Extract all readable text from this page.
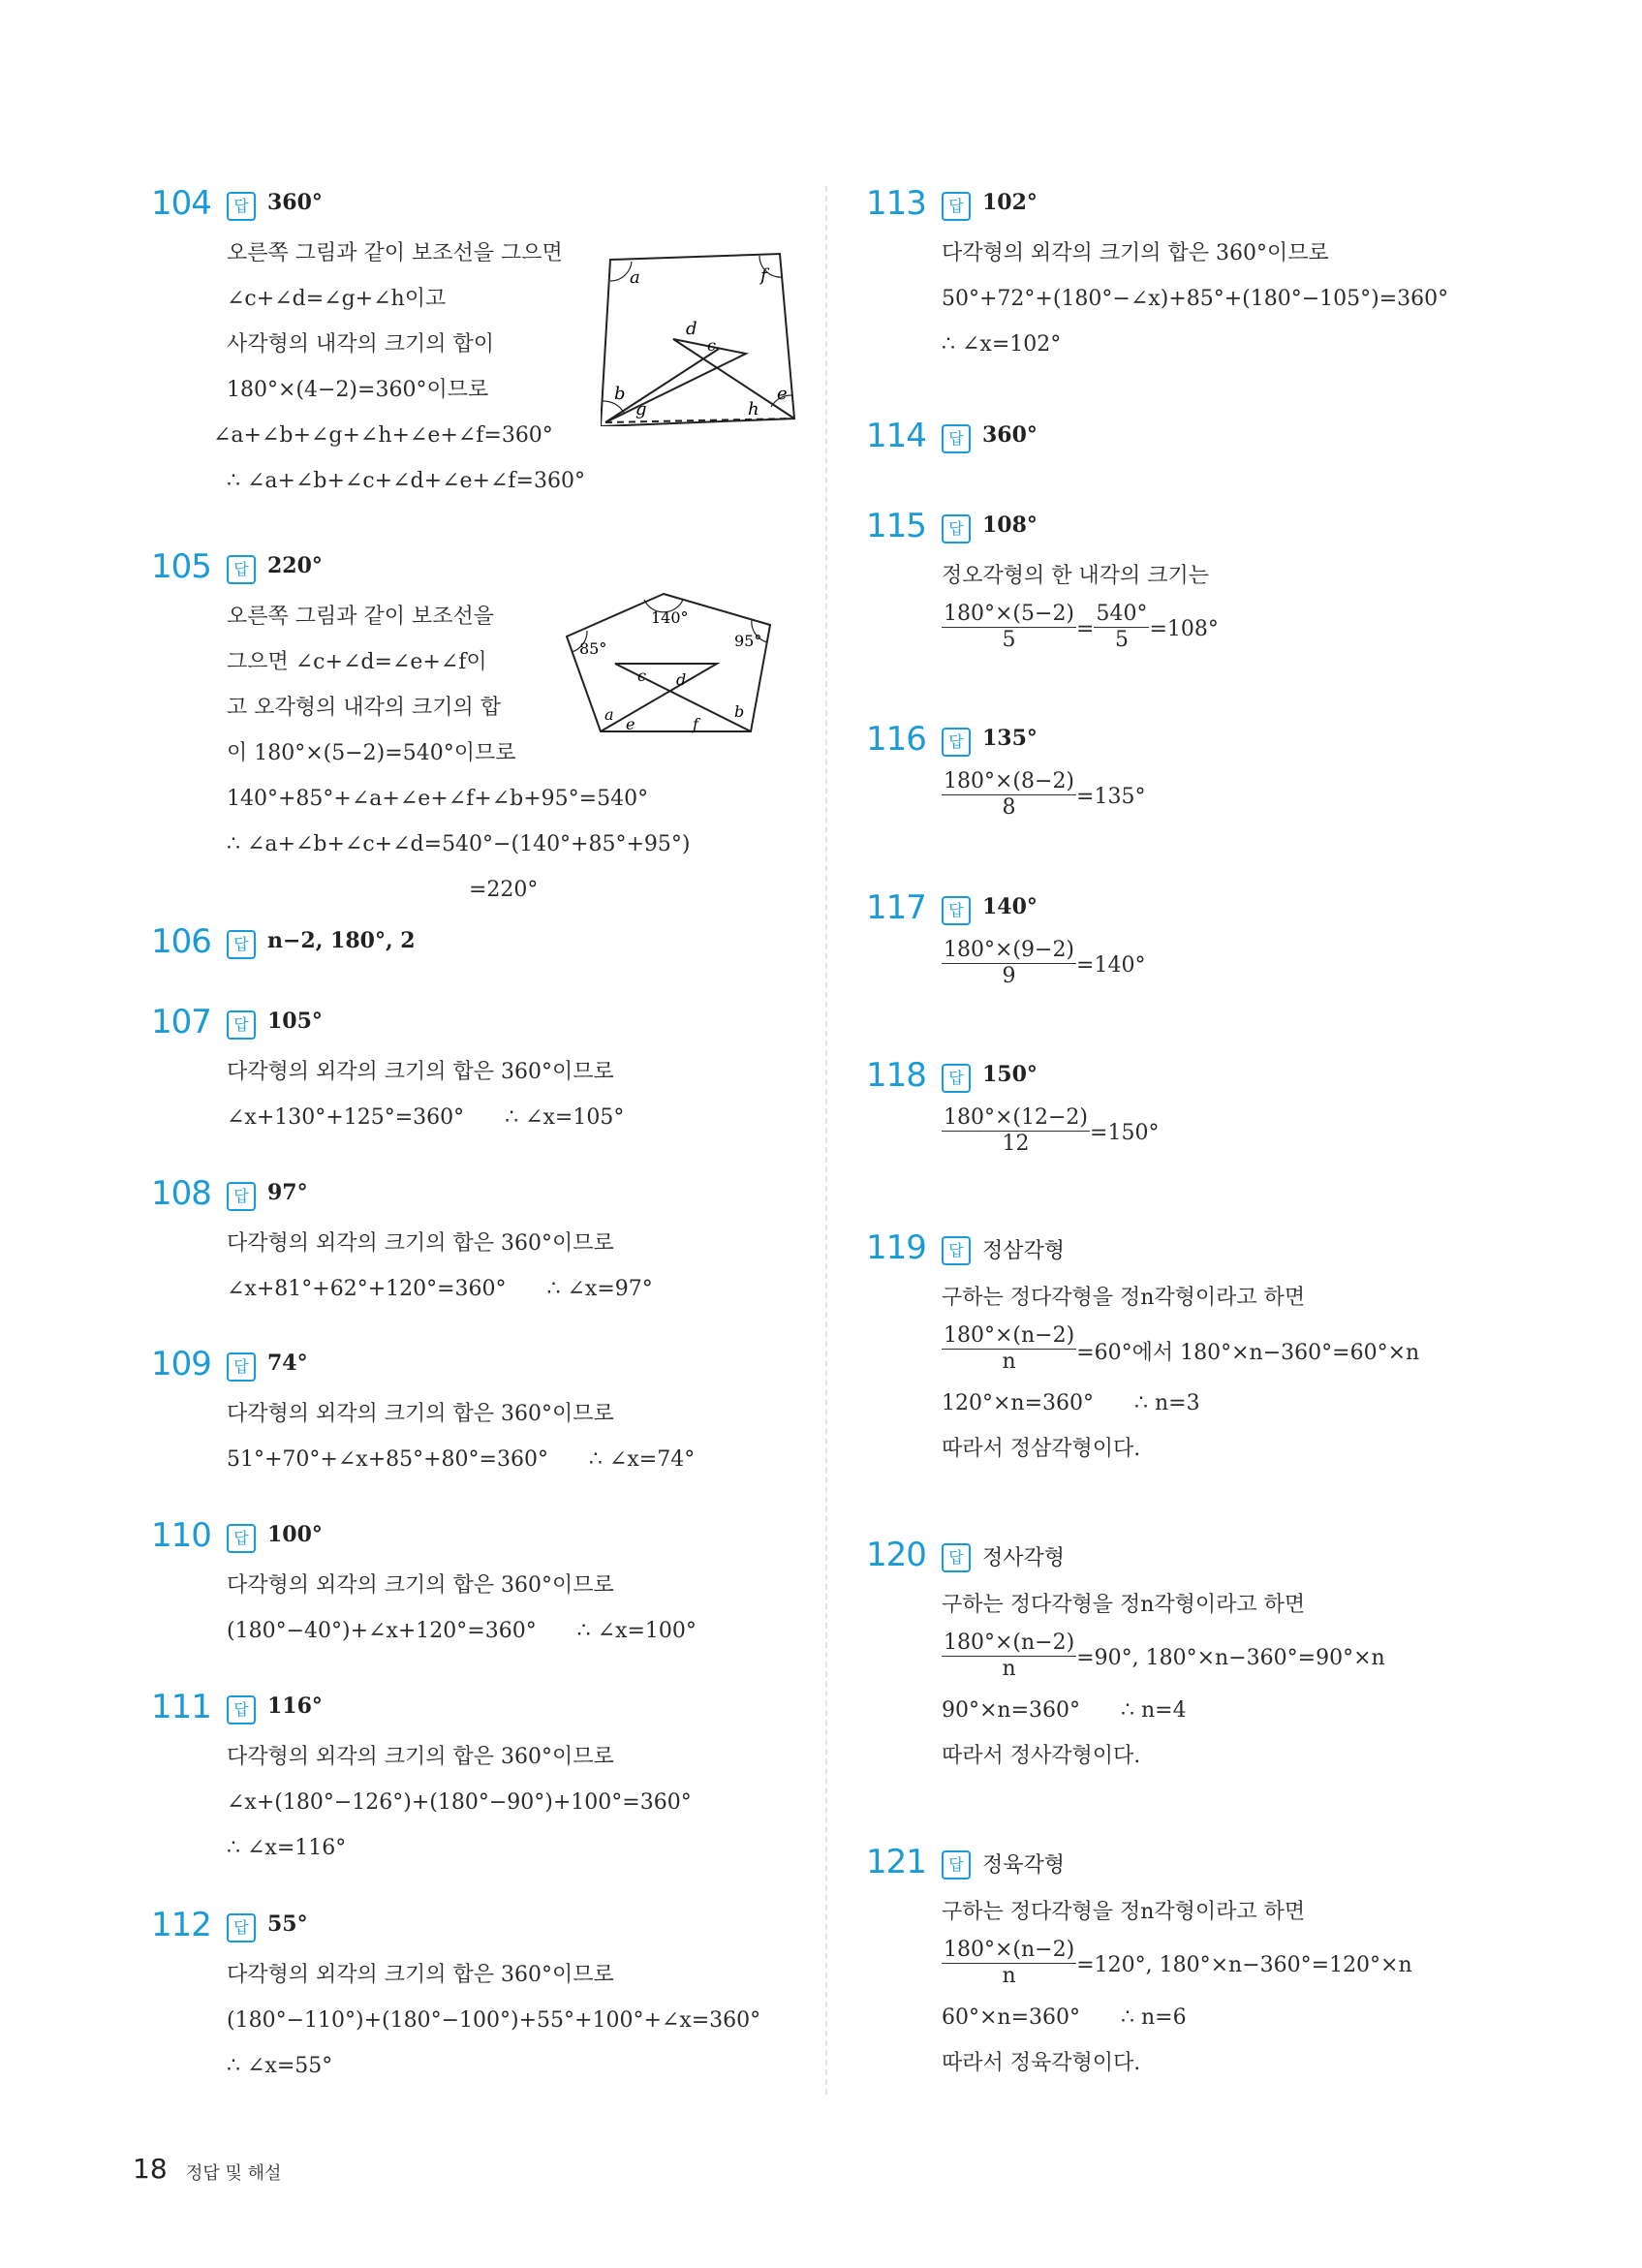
104	답 360°
오른쪽 그림과 같이 보조선을 그으면
∠c+∠d=∠g+∠h이고
사각형의 내각의 크기의 합이
180°×(4−2)=360°이므로
∠a+∠b+∠g+∠h+∠e+∠f=360°
∴ ∠a+∠b+∠c+∠d+∠e+∠f=360°
a	f
d
c
b
g	h
e
105	답 220°
오른쪽 그림과 같이 보조선을
그으면 ∠c+∠d=∠e+∠f이
고 오각형의 내각의 크기의 합
이 180°×(5−2)=540°이므로
140°+85°+∠a+∠e+∠f+∠b+95°=540°
∴ ∠a+∠b+∠c+∠d=540°−(140°+85°+95°)
=220°
140°
85°	95°
c d
a
e	f
b
106	답 n−2, 180°, 2
107	답 105°
다각형의 외각의 크기의 합은 360°이므로
∠x+130°+125°=360°      ∴ ∠x=105°
108	답 97°
다각형의 외각의 크기의 합은 360°이므로
∠x+81°+62°+120°=360°      ∴ ∠x=97°
109	답 74°
다각형의 외각의 크기의 합은 360°이므로
51°+70°+∠x+85°+80°=360°      ∴ ∠x=74°
110	답 100°
다각형의 외각의 크기의 합은 360°이므로
(180°−40°)+∠x+120°=360°      ∴ ∠x=100°
111	답 116°
다각형의 외각의 크기의 합은 360°이므로
∠x+(180°−126°)+(180°−90°)+100°=360°
∴ ∠x=116°
112	답 55°
다각형의 외각의 크기의 합은 360°이므로
(180°−110°)+(180°−100°)+55°+100°+∠x=360°
∴ ∠x=55°
113	답 102°
다각형의 외각의 크기의 합은 360°이므로
50°+72°+(180°−∠x)+85°+(180°−105°)=360°
∴ ∠x=102°
114	답 360°
115	답 108°
정오각형의 한 내각의 크기는
$\frac{180^\circ\times(5-2)}{5} = \frac{540^\circ}{5} =108^\circ$
116	답 135°
$\frac{180^\circ\times(8-2)}{8} =135^\circ$
117	답 140°
$\frac{180^\circ\times(9-2)}{9} =140^\circ$
118	답 150°
$\frac{180^\circ\times(12-2)}{12} =150^\circ$
119	답 정삼각형
구하는 정다각형을 정n각형이라고 하면
$\frac{180^\circ\times(n-2)}{n} =60^\circ$에서 180°×n−360°=60°×n
120°×n=360°      ∴ n=3
따라서 정삼각형이다.
120	답 정사각형
구하는 정다각형을 정n각형이라고 하면
$\frac{180^\circ\times(n-2)}{n} =90^\circ$, 180°×n−360°=90°×n
90°×n=360°      ∴ n=4
따라서 정사각형이다.
121	답 정육각형
구하는 정다각형을 정n각형이라고 하면
$\frac{180^\circ\times(n-2)}{n} =120^\circ$, 180°×n−360°=120°×n
60°×n=360°      ∴ n=6
따라서 정육각형이다.
18 정답 및 해설
